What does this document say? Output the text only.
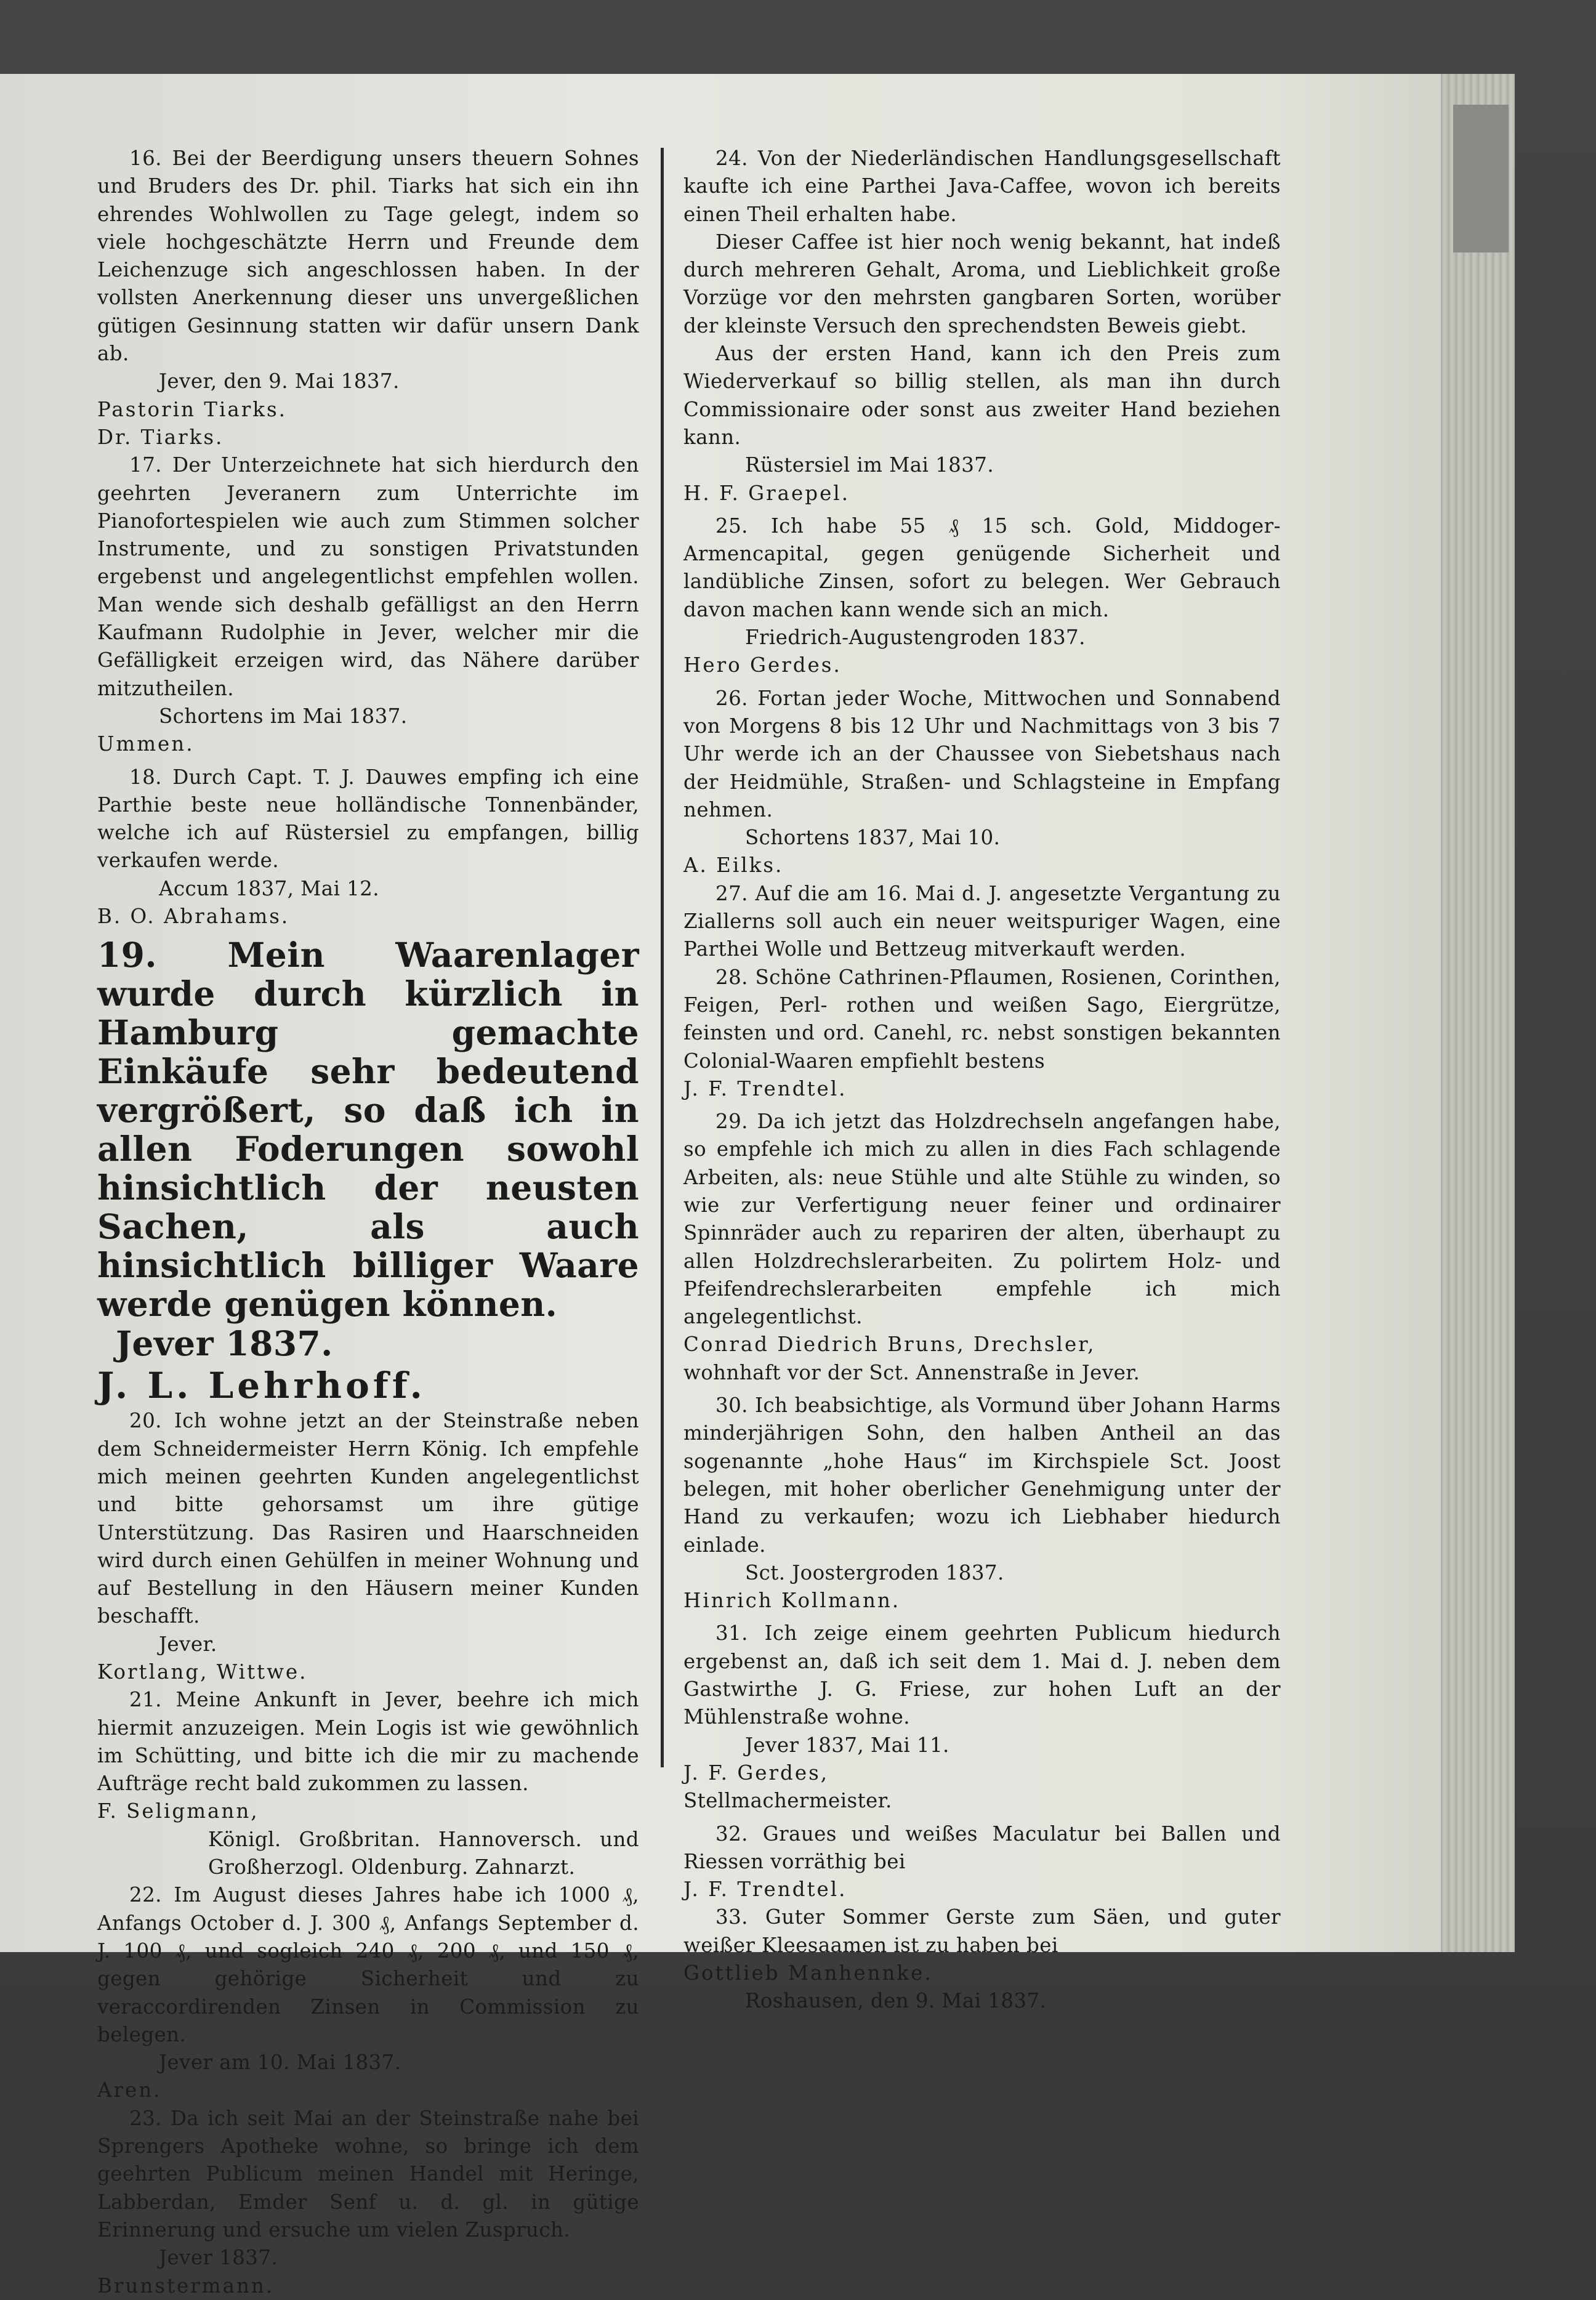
16. Bei der Beerdigung unsers theuern Sohnes und Bruders des Dr. phil. Tiarks hat sich ein ihn ehrendes Wohlwollen zu Tage gelegt, indem so viele hochgeschätzte Herrn und Freunde dem Leichenzuge sich angeschlossen haben. In der vollsten Anerkennung dieser uns unvergeßlichen gütigen Gesinnung statten wir dafür unsern Dank ab.

Jever, den 9. Mai 1837.

Pastorin Tiarks.

Dr. Tiarks.

17. Der Unterzeichnete hat sich hierdurch den geehrten Jeveranern zum Unterrichte im Pianofortespielen wie auch zum Stimmen solcher Instrumente, und zu sonstigen Privatstunden ergebenst und angelegentlichst empfehlen wollen. Man wende sich deshalb gefälligst an den Herrn Kaufmann Rudolphie in Jever, welcher mir die Gefälligkeit erzeigen wird, das Nähere darüber mitzutheilen.

Schortens im Mai 1837.

Ummen.

18. Durch Capt. T. J. Dauwes empfing ich eine Parthie beste neue holländische Tonnenbänder, welche ich auf Rüstersiel zu empfangen, billig verkaufen werde.

Accum 1837, Mai 12.

B. O. Abrahams.

19. Mein Waarenlager wurde durch kürzlich in Hamburg gemachte Einkäufe sehr bedeutend vergrößert, so daß ich in allen Foderungen sowohl hinsichtlich der neusten Sachen, als auch hinsichtlich billiger Waare werde genügen können.

Jever 1837.

J. L. Lehrhoff.

20. Ich wohne jetzt an der Steinstraße neben dem Schneidermeister Herrn König. Ich empfehle mich meinen geehrten Kunden angelegentlichst und bitte gehorsamst um ihre gütige Unterstützung. Das Rasiren und Haarschneiden wird durch einen Gehülfen in meiner Wohnung und auf Bestellung in den Häusern meiner Kunden beschafft.

Jever.

Kortlang, Wittwe.

21. Meine Ankunft in Jever, beehre ich mich hiermit anzuzeigen. Mein Logis ist wie gewöhnlich im Schütting, und bitte ich die mir zu machende Aufträge recht bald zukommen zu lassen.

F. Seligmann,

Königl. Großbritan. Hannoversch. und Großherzogl. Oldenburg. Zahnarzt.

22. Im August dieses Jahres habe ich 1000 ₰, Anfangs October d. J. 300 ₰, Anfangs September d. J. 100 ₰, und sogleich 240 ₰, 200 ₰, und 150 ₰, gegen gehörige Sicherheit und zu veraccordirenden Zinsen in Commission zu belegen.

Jever am 10. Mai 1837.

Aren.

23. Da ich seit Mai an der Steinstraße nahe bei Sprengers Apotheke wohne, so bringe ich dem geehrten Publicum meinen Handel mit Heringe, Labberdan, Emder Senf u. d. gl. in gütige Erinnerung und ersuche um vielen Zuspruch.

Jever 1837.

Brunstermann.

24. Von der Niederländischen Handlungsgesellschaft kaufte ich eine Parthei Java-Caffee, wovon ich bereits einen Theil erhalten habe.

Dieser Caffee ist hier noch wenig bekannt, hat indeß durch mehreren Gehalt, Aroma, und Lieblichkeit große Vorzüge vor den mehrsten gangbaren Sorten, worüber der kleinste Versuch den sprechendsten Beweis giebt.

Aus der ersten Hand, kann ich den Preis zum Wiederverkauf so billig stellen, als man ihn durch Commissionaire oder sonst aus zweiter Hand beziehen kann.

Rüstersiel im Mai 1837.

H. F. Graepel.

25. Ich habe 55 ₰ 15 sch. Gold, Middoger-Armencapital, gegen genügende Sicherheit und landübliche Zinsen, sofort zu belegen. Wer Gebrauch davon machen kann wende sich an mich.

Friedrich-Augustengroden 1837.

Hero Gerdes.

26. Fortan jeder Woche, Mittwochen und Sonnabend von Morgens 8 bis 12 Uhr und Nachmittags von 3 bis 7 Uhr werde ich an der Chaussee von Siebetshaus nach der Heidmühle, Straßen- und Schlagsteine in Empfang nehmen.

Schortens 1837, Mai 10.

A. Eilks.

27. Auf die am 16. Mai d. J. angesetzte Vergantung zu Ziallerns soll auch ein neuer weitspuriger Wagen, eine Parthei Wolle und Bettzeug mitverkauft werden.

28. Schöne Cathrinen-Pflaumen, Rosienen, Corinthen, Feigen, Perl- rothen und weißen Sago, Eiergrütze, feinsten und ord. Canehl, rc. nebst sonstigen bekannten Colonial-Waaren empfiehlt bestens

J. F. Trendtel.

29. Da ich jetzt das Holzdrechseln angefangen habe, so empfehle ich mich zu allen in dies Fach schlagende Arbeiten, als: neue Stühle und alte Stühle zu winden, so wie zur Verfertigung neuer feiner und ordinairer Spinnräder auch zu repariren der alten, überhaupt zu allen Holzdrechslerarbeiten. Zu polirtem Holz- und Pfeifendrechslerarbeiten empfehle ich mich angelegentlichst.

Conrad Diedrich Bruns, Drechsler,

wohnhaft vor der Sct. Annenstraße in Jever.

30. Ich beabsichtige, als Vormund über Johann Harms minderjährigen Sohn, den halben Antheil an das sogenannte „hohe Haus“ im Kirchspiele Sct. Joost belegen, mit hoher oberlicher Genehmigung unter der Hand zu verkaufen; wozu ich Liebhaber hiedurch einlade.

Sct. Joostergroden 1837.

Hinrich Kollmann.

31. Ich zeige einem geehrten Publicum hiedurch ergebenst an, daß ich seit dem 1. Mai d. J. neben dem Gastwirthe J. G. Friese, zur hohen Luft an der Mühlenstraße wohne.

Jever 1837, Mai 11.

J. F. Gerdes,

Stellmachermeister.

32. Graues und weißes Maculatur bei Ballen und Riessen vorräthig bei

J. F. Trendtel.

33. Guter Sommer Gerste zum Säen, und guter weißer Kleesaamen ist zu haben bei

Gottlieb Manhennke.

Roshausen, den 9. Mai 1837.
